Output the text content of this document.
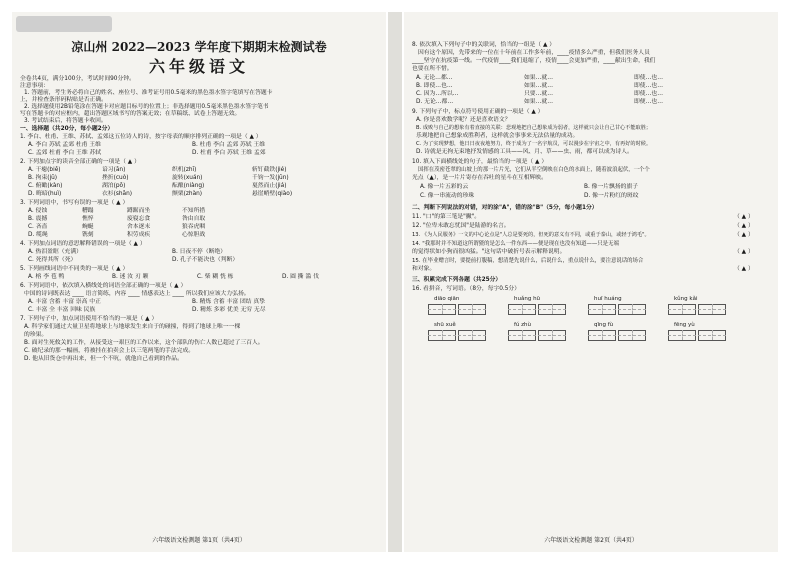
凉山州 2022—2023 学年度下期期末检测试卷
六年级语文
全卷共4页，满分100分，考试时间90分钟。
注意事项：
1. 答题前，考生务必将自己的姓名、座位号、准考证号用0.5毫米的黑色墨水签字笔填写在答题卡
上，并检查条形码粘贴是否正确。
2. 选择题使用2B铅笔涂在答题卡对应题目标号的位置上；非选择题用0.5毫米黑色墨水签字笔书
写在答题卡的对应框内，超出答题区域书写的答案无效；在草稿纸、试卷上答题无效。
3. 考试结束后，将答题卡收回。
一、选择题（共20分，每小题2分）
1. 李白、杜甫、王维、苏轼、孟郊这五位诗人的诗，按字母表的顺序排列正确的一项是（ ▲ ）
A. 李白 苏轼 孟郊 杜甫 王维	B. 杜甫 李白 孟郊 苏轼 王维
C. 孟郊 杜甫 李白 王维 苏轼	D. 杜甫 李白 苏轼 王维 孟郊
2. 下列加点字的读音全部正确的一项是（ ▲ ）
A. 干瘪(biě)	谙习(ān)	织机(zhī)	斩钉截铁(jié)
B. 拘束(jū)	挫折(cuò)	旋转(xuán)	千钧一发(jūn)
C. 俯瞰(kàn)	湖泊(pō)	酝酿(niàng)	戛然而止(jiá)
D. 晦暗(huì)	衣衫(shān)	颤栗(zhàn)	悬崖峭壁(qiào)
3. 下列词语中，书写有误的一项是（ ▲ ）
A. 侵蚀	糟蹋	蹲踞而坐	不知所措
B. 震撼	憔悴	废寝忘食	咎由自取
C. 吝啬	蜿蜒	舍本逐末	狼吞虎咽
D. 缆绳	镌刻	积劳成疾	心惊胆战
4. 下列加点词语的意思解释错误的一项是（ ▲ ）
A. 热泪盈眶（充满）	B. 日夜不停（断绝）
C. 死得其所（死）	D. 孔子不能决也（判断）
5. 下列画线词语中不同类的一项是（ ▲ ）
A. 榕 李 苞 鸭	B. 迷 汝 刃 颗	C. 柴 糊 恍 栋	D. 圆 撕 滥 伐
6. 下列词语中，依次填入横线处的词语全部正确的一项是（ ▲ ）
中国的诗词既表达 ____ 语言简练，内容 ____ 情感表达上 ____ 所以我们应该大力弘扬。
A. 丰富 含蓄 丰富 崇高 中正	B. 精炼 含蓄 丰富 团结 真挚
C. 丰富 全 丰富 回味 民族	D. 精炼 多彩 优美 无穷 无尽
7. 下列句子中，加点词语使用不恰当的一项是（ ▲ ）
A. 科学家们通过大量卫星将地球上与地球发生来自于的碰撞，得到了地球上唯一一棵
的珍果。
B. 面对生死攸关的工作，从接受这一艰巨的工作以来，这个部队的伤亡人数已超过了三百人。
C. 破纪录的那一幅画，将被挂在拍卖会上以三笔两笔的手法完成。
D. 他从旧货仓中再出来，但一个不吭，就他自己看到的作品。
六年级语文检测题 第1页（共4页）
8. 依次填入下列句子中的关联词，恰当的一组是（ ▲ ）
因有这个原因，先带来的一位在十年前在工作多年前，____疫情多么严重，但我们医务人员
____坚守在抗疫第一线。一代疫情____我们退缩了，疫情____会更加严重，____献出生命，我们
也要在所不惜。
A. 无论…都…	如果…就…	即使…也…
B. 即使…也…	如果…就…	即使…也…
C. 因为…所以…	只要…就…	即使…也…
D. 无论…都…	如果…就…	即便…也…
9. 下列句子中，标点符号使用正确的一项是（ ▲ ）
A. 你是喜欢数学呢？还是喜欢语文？
B. 成败与自己的想象有着直接的关联：悲观地把自己想象成为弱者，这样就只会让自己甘心不能取胜；
乐观地把自己想象成胜利者，这样就会事事来无法估量的成功。
C. 为了实现梦想，他日日夜夜地努力，终于成为了一名宇航员，可以漫步在宇宙之中，有再好的时候。
D. 诗就是无拘无束地抒发情感的工具——风、月、草——虫、雨，都可以成为诗人。
10. 填入下面横线处的句子，最恰当的一项是（ ▲ ）
国挥在茂密苍翠的山坡上的那一片片光，它们从半空倒映在白色的水面上，随着波浪起伏，一个个
光点（▲），是一片片寄存在吞吐的星斗在互相辉映。
A. 像一片五彩的云	B. 像一片飘扬的旗子
C. 像一串流动的珍珠	D. 像一片粉红的斑纹
二、判断下列说法的对错，对的涂"A"，错的涂"B"（5分，每小题1分）
11. "口"的第三笔是"撇"。	（ ▲ ）
12. "位卑未敢忘忧国"是陆游的名言。	（ ▲ ）
13. 《为人民服务》一文的中心论点是"人总是要死的，但死的意义有不同，或重于泰山，或轻于鸿毛"。	（ ▲ ）
14. "我那时并不知道这所谓猹的是怎么一件东西——便是现在也没有知道——只是无端
的觉得状如小狗而很凶猛。"这句话中破折号表示解释说明。	（ ▲ ）
15. 在毕业赠言时，要提前打腹稿，想清楚先说什么，后说什么，重点说什么，要注意说话的场合
和对象。	（ ▲ ）
三、积累完成下列各题（共25分）
16. 看拼音，写词语。（8分，每字0.5分）
diāo qiān	huǎng hū	huī huáng	kǔng kǎi
shū xuě	fú zhù	qīng fù	fēng yù
六年级语文检测题 第2页（共4页）
